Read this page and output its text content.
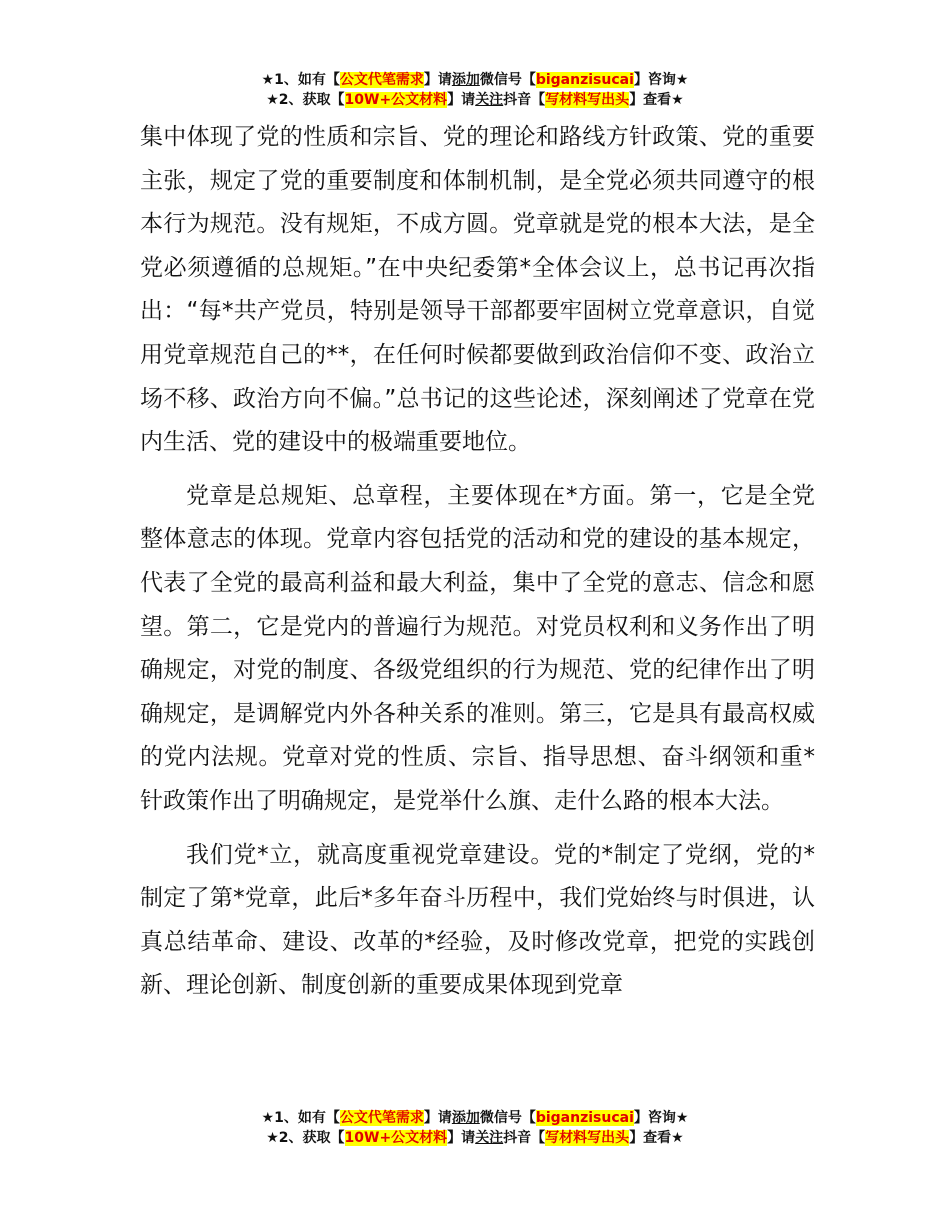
★1、如有【公文代笔需求】请添加微信号【biganzisucai】咨询★
★2、获取【10W+公文材料】请关注抖音【写材料写出头】查看★

集中体现了党的性质和宗旨、党的理论和路线方针政策、党的重要主张，规定了党的重要制度和体制机制，是全党必须共同遵守的根本行为规范。没有规矩，不成方圆。党章就是党的根本大法，是全党必须遵循的总规矩。”在中央纪委第*全体会议上，总书记再次指出：“每*共产党员，特别是领导干部都要牢固树立党章意识，自觉用党章规范自己的**，在任何时候都要做到政治信仰不变、政治立场不移、政治方向不偏。”总书记的这些论述，深刻阐述了党章在党内生活、党的建设中的极端重要地位。

党章是总规矩、总章程，主要体现在*方面。第一，它是全党整体意志的体现。党章内容包括党的活动和党的建设的基本规定，代表了全党的最高利益和最大利益，集中了全党的意志、信念和愿望。第二，它是党内的普遍行为规范。对党员权利和义务作出了明确规定，对党的制度、各级党组织的行为规范、党的纪律作出了明确规定，是调解党内外各种关系的准则。第三，它是具有最高权威的党内法规。党章对党的性质、宗旨、指导思想、奋斗纲领和重*针政策作出了明确规定，是党举什么旗、走什么路的根本大法。

我们党*立，就高度重视党章建设。党的*制定了党纲，党的*制定了第*党章，此后*多年奋斗历程中，我们党始终与时俱进，认真总结革命、建设、改革的*经验，及时修改党章，把党的实践创新、理论创新、制度创新的重要成果体现到党章

★1、如有【公文代笔需求】请添加微信号【biganzisucai】咨询★
★2、获取【10W+公文材料】请关注抖音【写材料写出头】查看★
